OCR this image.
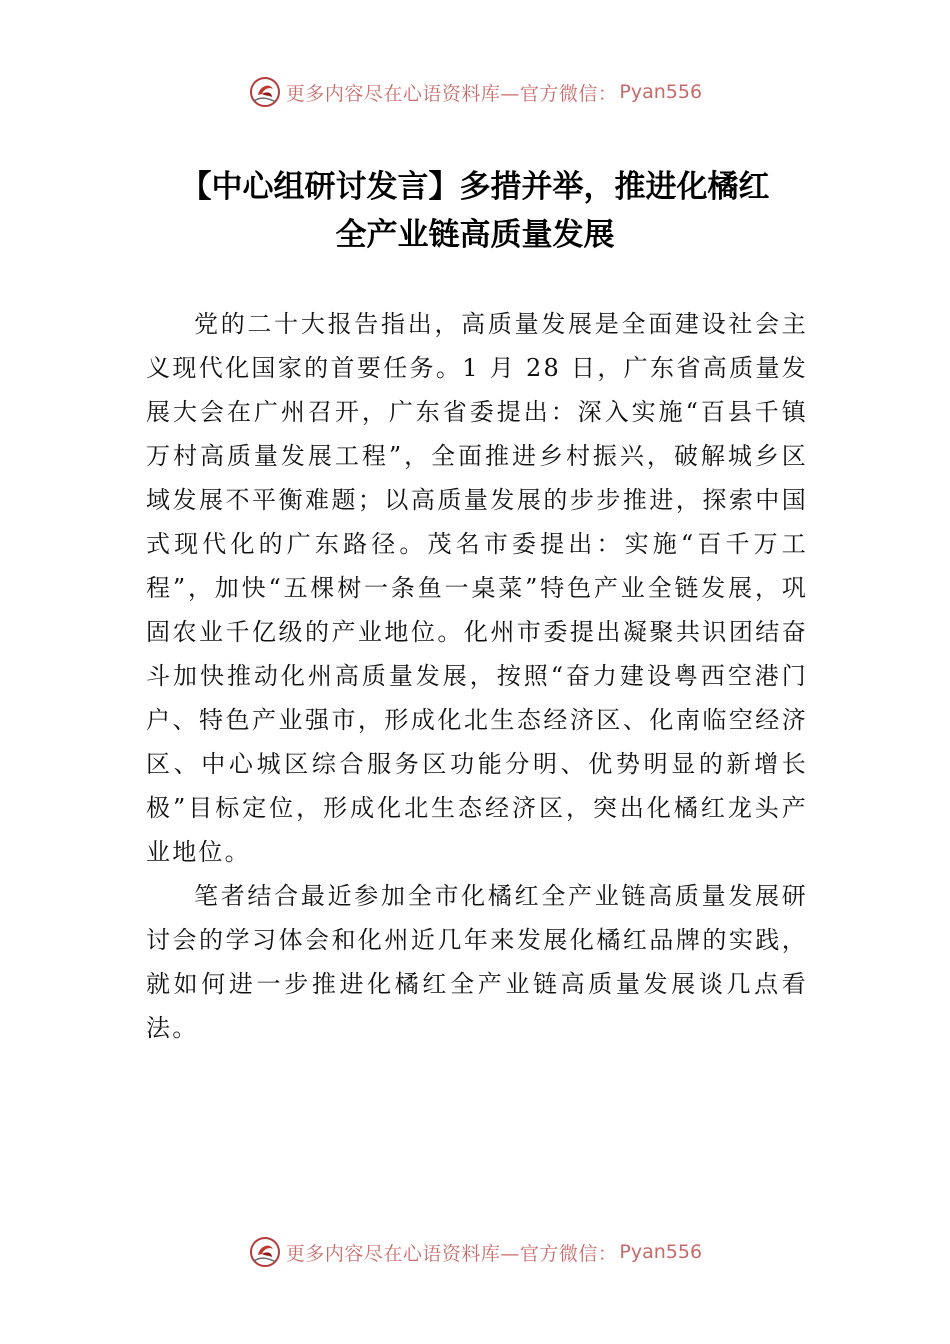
更多内容尽在心语资料库—官方微信： Pyan556
【中心组研讨发言】多措并举，推进化橘红
全产业链高质量发展

党的二十大报告指出，高质量发展是全面建设社会主义现代化国家的首要任务。1 月 28 日，广东省高质量发展大会在广州召开，广东省委提出：深入实施“百县千镇万村高质量发展工程”，全面推进乡村振兴，破解城乡区域发展不平衡难题；以高质量发展的步步推进，探索中国式现代化的广东路径。茂名市委提出：实施“百千万工程”，加快“五棵树一条鱼一桌菜”特色产业全链发展，巩固农业千亿级的产业地位。化州市委提出凝聚共识团结奋斗加快推动化州高质量发展，按照“奋力建设粤西空港门户、特色产业强市，形成化北生态经济区、化南临空经济区、中心城区综合服务区功能分明、优势明显的新增长极”目标定位，形成化北生态经济区，突出化橘红龙头产业地位。

笔者结合最近参加全市化橘红全产业链高质量发展研讨会的学习体会和化州近几年来发展化橘红品牌的实践，就如何进一步推进化橘红全产业链高质量发展谈几点看法。

更多内容尽在心语资料库—官方微信： Pyan556
